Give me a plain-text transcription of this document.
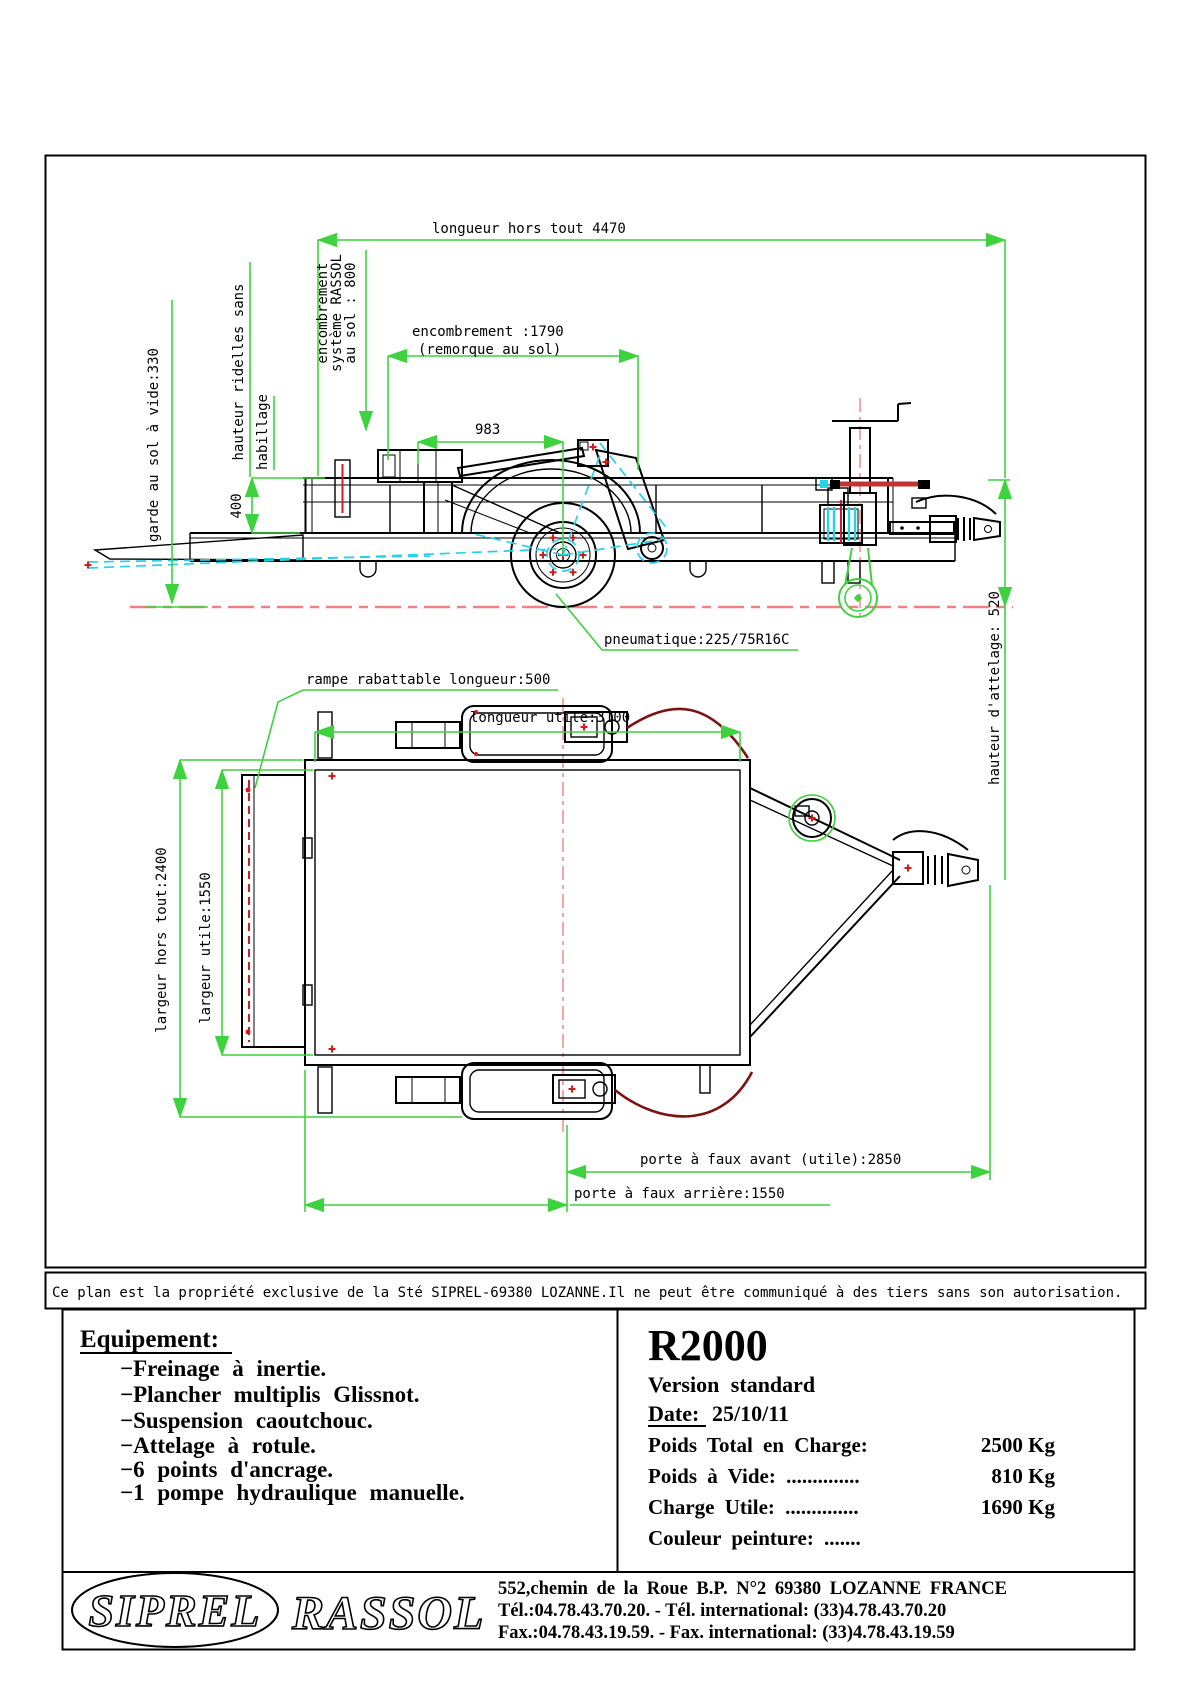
longueur hors tout 4470
encombrement :1790
(remorque au sol)
983
garde au sol à vide:330	hauteur ridelles sans habillage
400
encombrement
système RASSOL
au sol : 800
pneumatique:225/75R16C	hauteur d'attelage: 520
rampe rabattable longueur:500
longueur utile:3100
largeur hors tout:2400 largeur utile:1550
porte à faux avant (utile):2850
porte à faux arrière:1550
Ce plan est la propriété exclusive de la Sté SIPREL-69380 LOZANNE.Il ne peut être communiqué à des tiers sans son autorisation.
Equipement:
−Freinage à inertie.
−Plancher multiplis Glissnot.
−Suspension caoutchouc.
−Attelage à rotule.
−6 points d'ancrage.
−1 pompe hydraulique manuelle.
R2000
Version standard
Date: 25/10/11
Poids Total en Charge:	2500 Kg
Poids à Vide: ..............	810 Kg
Charge Utile: ..............	1690 Kg
Couleur peinture: .......
SIPREL RASSOL 552,chemin de la Roue B.P. N°2 69380 LOZANNE FRANCE
Tél.:04.78.43.70.20. - Tél. international: (33)4.78.43.70.20
Fax.:04.78.43.19.59. - Fax. international: (33)4.78.43.19.59
